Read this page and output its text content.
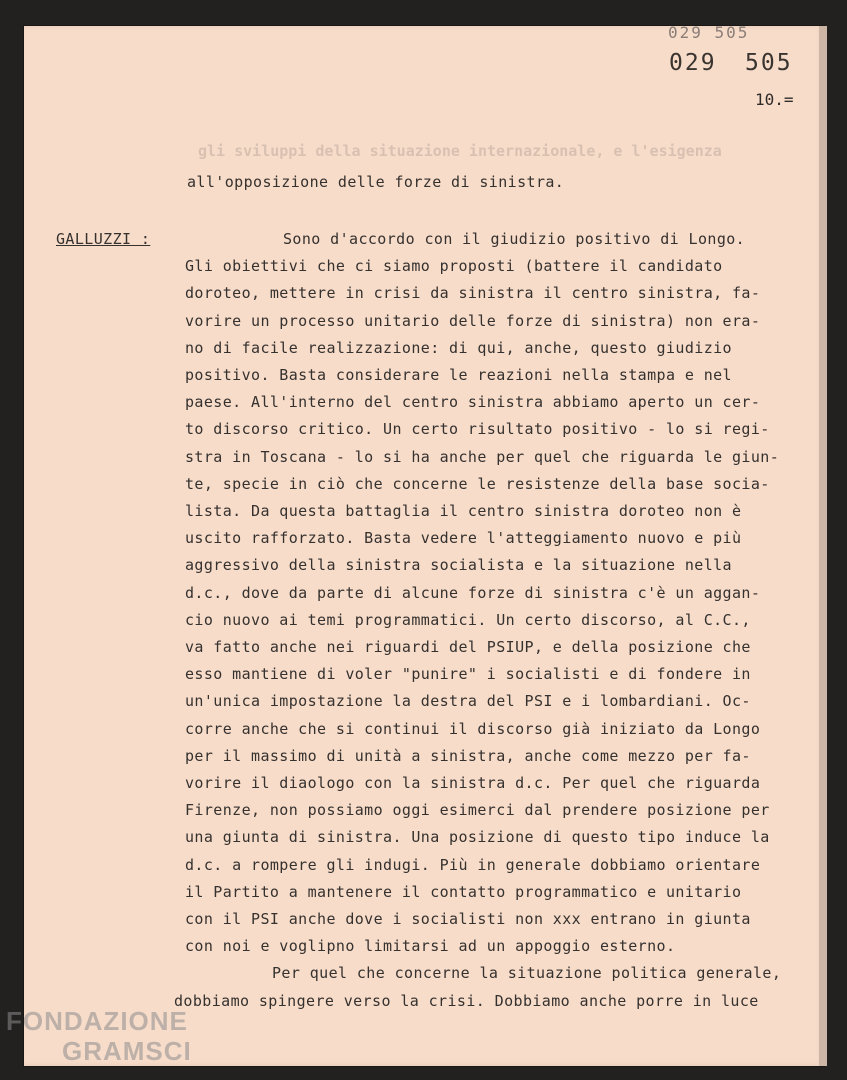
029 505
029 505
10.=
gli sviluppi della situazione internazionale, e l'esigenza
all'opposizione delle forze di sinistra.
GALLUZZI :	Sono d'accordo con il giudizio positivo di Longo.
Gli obiettivi che ci siamo proposti (battere il candidato
doroteo, mettere in crisi da sinistra il centro sinistra, fa-
vorire un processo unitario delle forze di sinistra) non era-
no di facile realizzazione: di qui, anche, questo giudizio
positivo. Basta considerare le reazioni nella stampa e nel
paese. All'interno del centro sinistra abbiamo aperto un cer-
to discorso critico. Un certo risultato positivo - lo si regi-
stra in Toscana - lo si ha anche per quel che riguarda le giun-
te, specie in ciò che concerne le resistenze della base socia-
lista. Da questa battaglia il centro sinistra doroteo non è
uscito rafforzato. Basta vedere l'atteggiamento nuovo e più
aggressivo della sinistra socialista e la situazione nella
d.c., dove da parte di alcune forze di sinistra c'è un aggan-
cio nuovo ai temi programmatici. Un certo discorso, al C.C.,
va fatto anche nei riguardi del PSIUP, e della posizione che
esso mantiene di voler "punire" i socialisti e di fondere in
un'unica impostazione la destra del PSI e i lombardiani. Oc-
corre anche che si continui il discorso già iniziato da Longo
per il massimo di unità a sinistra, anche come mezzo per fa-
vorire il diaologo con la sinistra d.c. Per quel che riguarda
Firenze, non possiamo oggi esimerci dal prendere posizione per
una giunta di sinistra. Una posizione di questo tipo induce la
d.c. a rompere gli indugi. Più in generale dobbiamo orientare
il Partito a mantenere il contatto programmatico e unitario
con il PSI anche dove i socialisti non xxx entrano in giunta
con noi e voglipno limitarsi ad un appoggio esterno.
Per quel che concerne la situazione politica generale,
dobbiamo spingere verso la crisi. Dobbiamo anche porre in luce
FONDAZIONE
GRAMSCI
